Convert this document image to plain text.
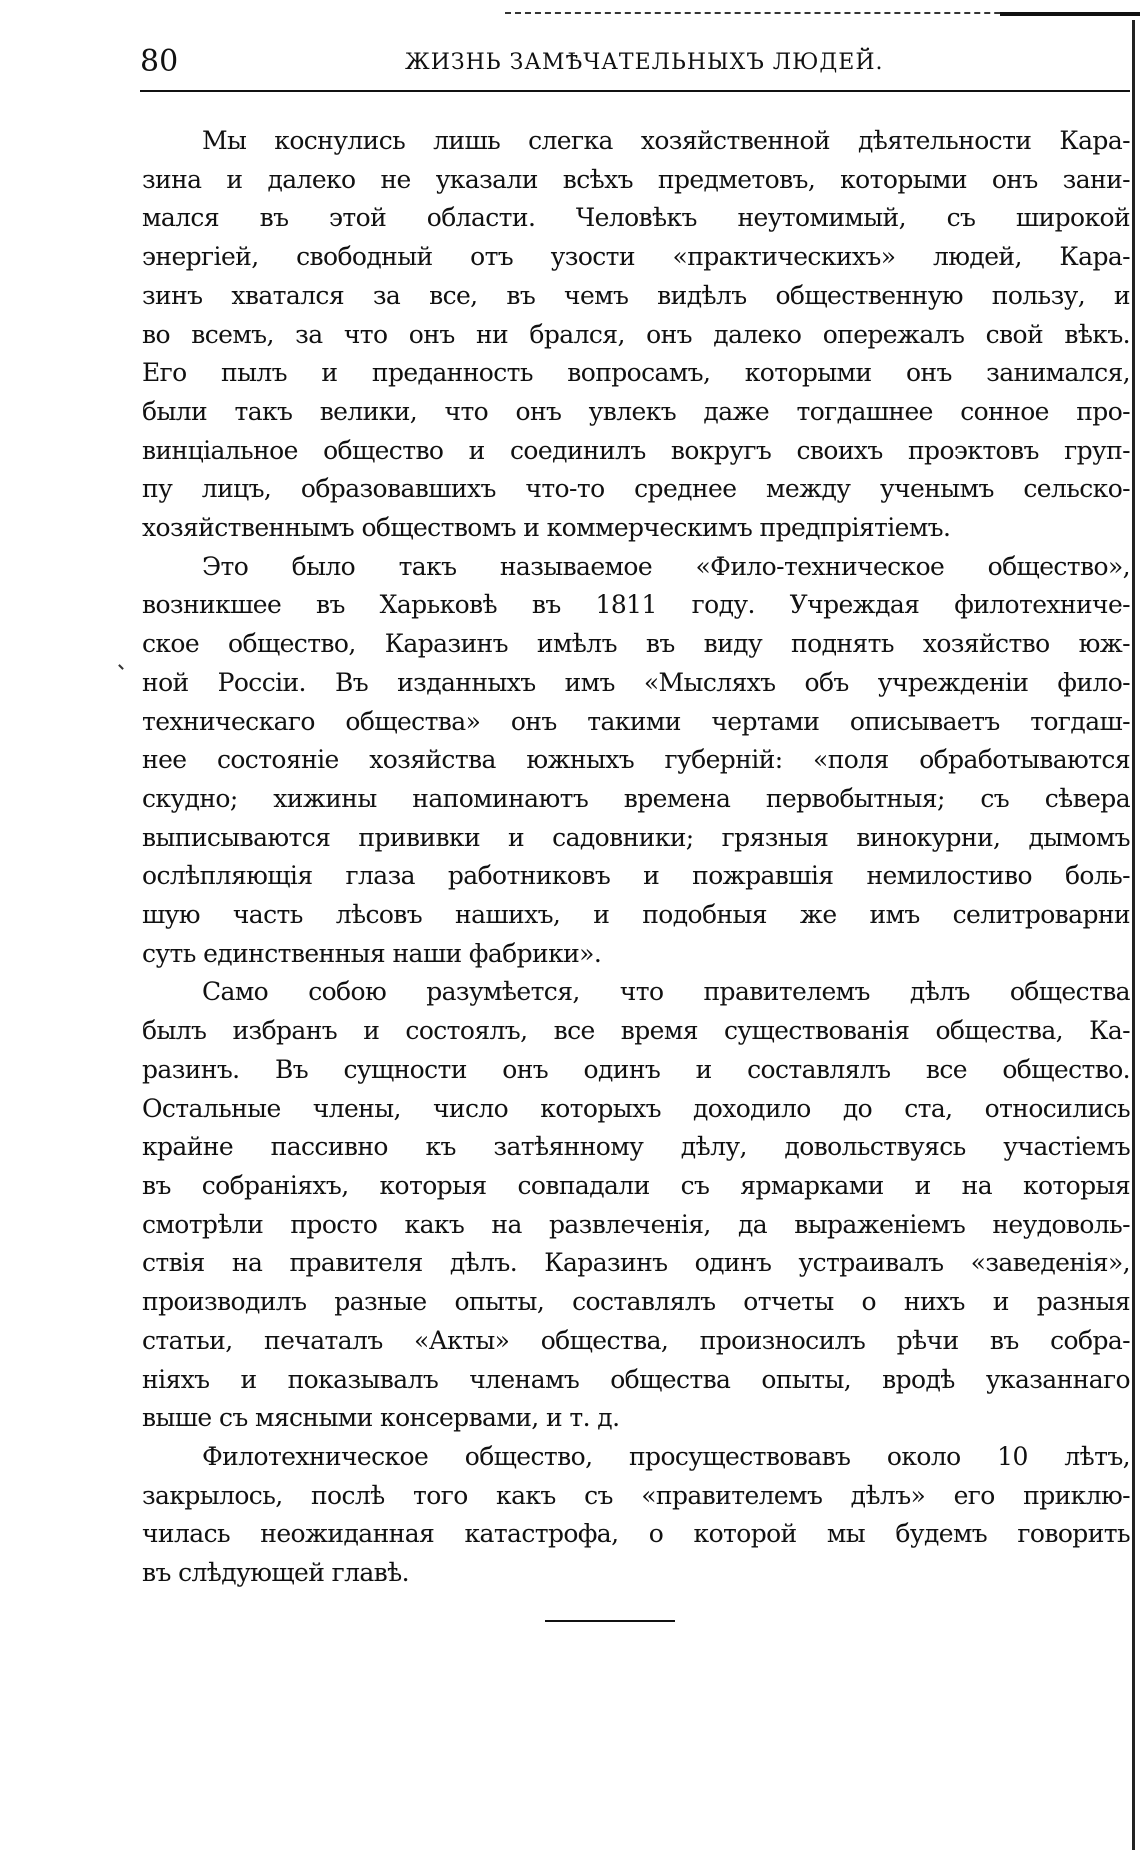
80	ЖИЗНЬ ЗАМѢЧАТЕЛЬНЫХЪ ЛЮДЕЙ.
Мы коснулись лишь слегка хозяйственной дѣятельности Кара-
зина и далеко не указали всѣхъ предметовъ, которыми онъ зани-
мался въ этой области. Человѣкъ неутомимый, съ широкой
энергіей, свободный отъ узости «практическихъ» людей, Кара-
зинъ хватался за все, въ чемъ видѣлъ общественную пользу, и
во всемъ, за что онъ ни брался, онъ далеко опережалъ свой вѣкъ.
Его пылъ и преданность вопросамъ, которыми онъ занимался,
были такъ велики, что онъ увлекъ даже тогдашнее сонное про-
винціальное общество и соединилъ вокругъ своихъ проэктовъ груп-
пу лицъ, образовавшихъ что-то среднее между ученымъ сельско-
хозяйственнымъ обществомъ и коммерческимъ предпріятіемъ.
Это было такъ называемое «Фило-техническое общество»,
возникшее въ Харьковѣ въ 1811 году. Учреждая филотехниче-
ское общество, Каразинъ имѣлъ въ виду поднять хозяйство юж-
ной Россіи. Въ изданныхъ имъ «Мысляхъ объ учрежденіи фило-
техническаго общества» онъ такими чертами описываетъ тогдаш-
нее состояніе хозяйства южныхъ губерній: «поля обработываются
скудно; хижины напоминаютъ времена первобытныя; съ сѣвера
выписываются прививки и садовники; грязныя винокурни, дымомъ
ослѣпляющія глаза работниковъ и пожравшія немилостиво боль-
шую часть лѣсовъ нашихъ, и подобныя же имъ селитроварни
суть единственныя наши фабрики».
Само собою разумѣется, что правителемъ дѣлъ общества
былъ избранъ и состоялъ, все время существованія общества, Ка-
разинъ. Въ сущности онъ одинъ и составлялъ все общество.
Остальные члены, число которыхъ доходило до ста, относились
крайне пассивно къ затѣянному дѣлу, довольствуясь участіемъ
въ собраніяхъ, которыя совпадали съ ярмарками и на которыя
смотрѣли просто какъ на развлеченія, да выраженіемъ неудоволь-
ствія на правителя дѣлъ. Каразинъ одинъ устраивалъ «заведенія»,
производилъ разные опыты, составлялъ отчеты о нихъ и разныя
статьи, печаталъ «Акты» общества, произносилъ рѣчи въ собра-
ніяхъ и показывалъ членамъ общества опыты, вродѣ указаннаго
выше съ мясными консервами, и т. д.
Филотехническое общество, просуществовавъ около 10 лѣтъ,
закрылось, послѣ того какъ съ «правителемъ дѣлъ» его приклю-
чилась неожиданная катастрофа, о которой мы будемъ говорить
въ слѣдующей главѣ.
